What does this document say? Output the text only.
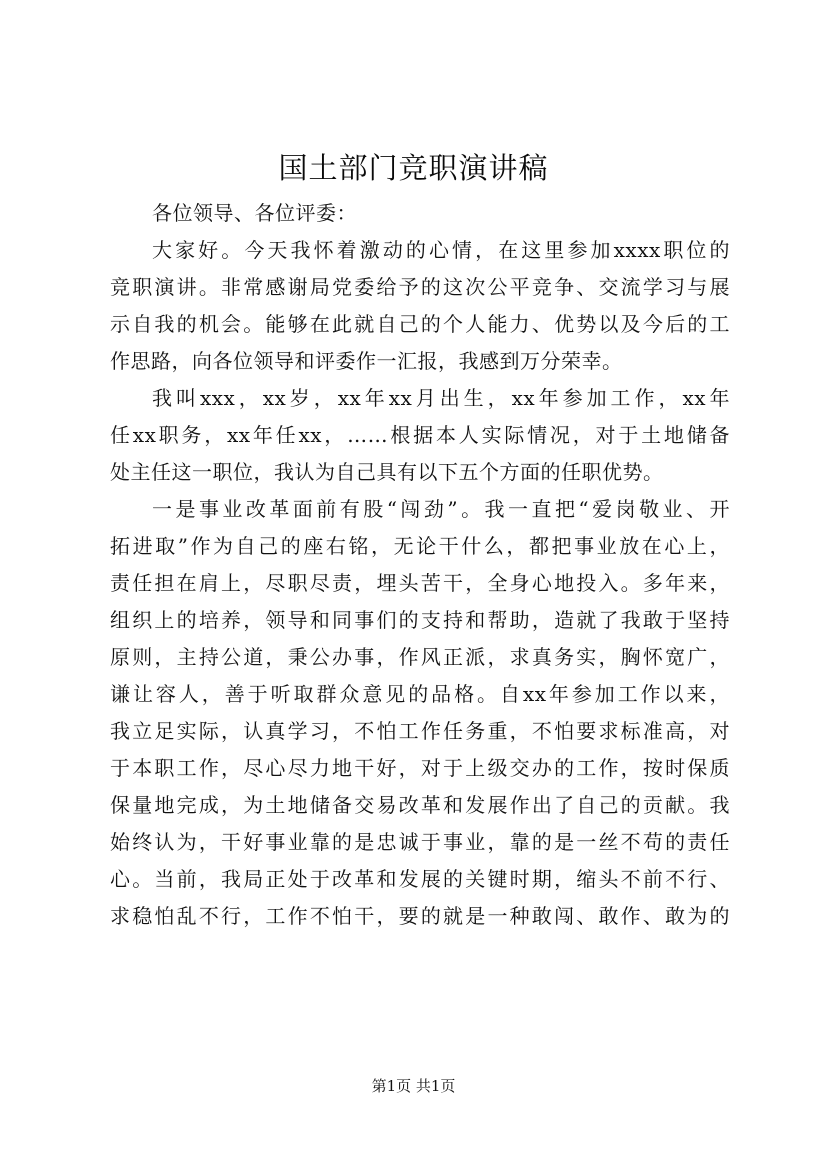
国土部门竞职演讲稿
各位领导、各位评委：
大家好。今天我怀着激动的心情，在这里参加xxxx职位的
竞职演讲。非常感谢局党委给予的这次公平竞争、交流学习与展
示自我的机会。能够在此就自己的个人能力、优势以及今后的工
作思路，向各位领导和评委作一汇报，我感到万分荣幸。
我叫xxx，xx岁，xx年xx月出生，xx年参加工作，xx年
任xx职务，xx年任xx，……根据本人实际情况，对于土地储备
处主任这一职位，我认为自己具有以下五个方面的任职优势。
一是事业改革面前有股“闯劲”。我一直把“爱岗敬业、开
拓进取”作为自己的座右铭，无论干什么，都把事业放在心上，
责任担在肩上，尽职尽责，埋头苦干，全身心地投入。多年来，
组织上的培养，领导和同事们的支持和帮助，造就了我敢于坚持
原则，主持公道，秉公办事，作风正派，求真务实，胸怀宽广，
谦让容人，善于听取群众意见的品格。自xx年参加工作以来，
我立足实际，认真学习，不怕工作任务重，不怕要求标准高，对
于本职工作，尽心尽力地干好，对于上级交办的工作，按时保质
保量地完成，为土地储备交易改革和发展作出了自己的贡献。我
始终认为，干好事业靠的是忠诚于事业，靠的是一丝不苟的责任
心。当前，我局正处于改革和发展的关键时期，缩头不前不行、
求稳怕乱不行，工作不怕干，要的就是一种敢闯、敢作、敢为的
第1页 共1页
